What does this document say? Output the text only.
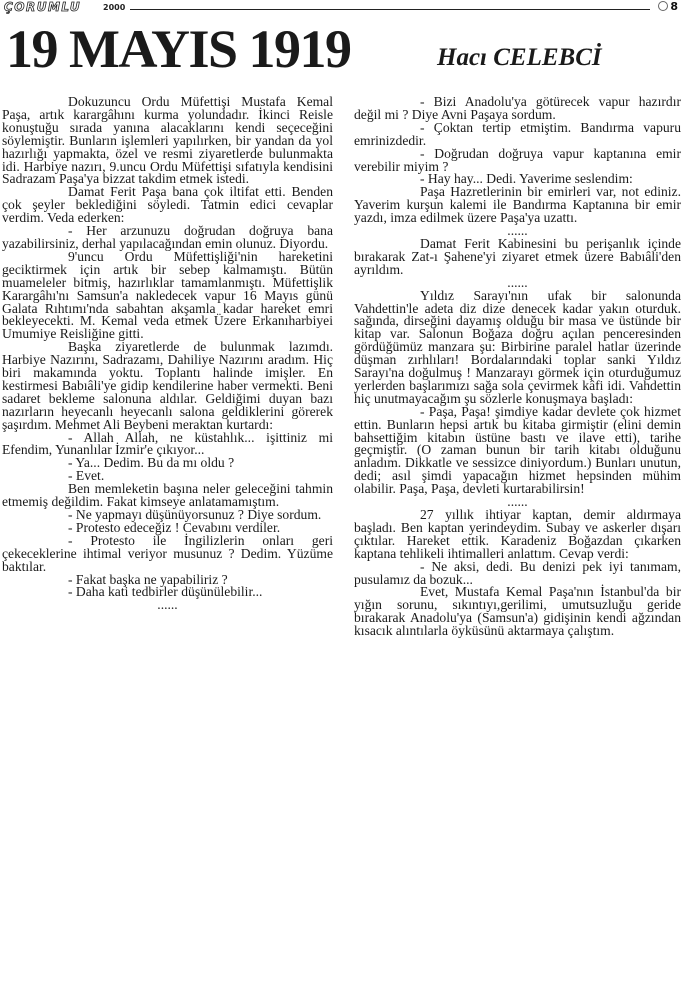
ÇORUMLU	2000	8
19 MAYIS 1919	Hacı CELEBCİ

Dokuzuncu Ordu Müfettişi Mustafa Kemal Paşa, artık karargâhını kurma yolundadır. İkinci Reisle konuştuğu sırada yanına alacaklarını kendi seçeceğini söylemiştir. Bunların işlemleri yapılırken, bir yandan da yol hazırlığı yapmakta, özel ve resmi ziyaretlerde bulunmakta idi. Harbiye nazırı, 9.uncu Ordu Müfettişi sıfatıyla kendisini Sadrazam Paşa'ya bizzat takdim etmek istedi.

Damat Ferit Paşa bana çok iltifat etti. Benden çok şeyler beklediğini söyledi. Tatmin edici cevaplar verdim. Veda ederken:

- Her arzunuzu doğrudan doğruya bana yazabilirsiniz, derhal yapılacağından emin olunuz. Diyordu.

9'uncu Ordu Müfettişliği'nin hareketini geciktirmek için artık bir sebep kalmamıştı. Bütün muameleler bitmiş, hazırlıklar tamamlanmıştı. Müfettişlik Karargâhı'nı Samsun'a nakledecek vapur 16 Mayıs günü Galata Rıhtımı'nda sabahtan akşamla kadar hareket emri bekleyecekti. M. Kemal veda etmek Üzere Erkanıharbiyei Umumiye Reisliğine gitti.

Başka ziyaretlerde de bulunmak lazımdı. Harbiye Nazırını, Sadrazamı, Dahiliye Nazırını aradım. Hiç biri makamında yoktu. Toplantı halinde imişler. En kestirmesi Babıâli'ye gidip kendilerine haber vermekti. Beni sadaret bekleme salonuna aldılar. Geldiğimi duyan bazı nazırların heyecanlı heyecanlı salona geldiklerini görerek şaşırdım. Mehmet Ali Beybeni meraktan kurtardı:

- Allah Allah, ne küstahlık... işittiniz mi Efendim, Yunanlılar İzmir'e çıkıyor...

- Ya... Dedim. Bu da mı oldu ?

- Evet.

Ben memleketin başına neler geleceğini tahmin etmemiş değildim. Fakat kimseye anlatamamıştım.

- Ne yapmayı düşünüyorsunuz ? Diye sordum.

- Protesto edeceğiz ! Cevabını verdiler.

- Protesto ile İngilizlerin onları geri çekeceklerine ihtimal veriyor musunuz ? Dedim. Yüzüme baktılar.

- Fakat başka ne yapabiliriz ?

- Daha kati tedbirler düşünülebilir...

......

- Bizi Anadolu'ya götürecek vapur hazırdır değil mi ? Diye Avni Paşaya sordum.

- Çoktan tertip etmiştim. Bandırma vapuru emrinizdedir.

- Doğrudan doğruya vapur kaptanına emir verebilir miyim ?

- Hay hay... Dedi. Yaverime seslendim:

Paşa Hazretlerinin bir emirleri var, not ediniz. Yaverim kurşun kalemi ile Bandırma Kaptanına bir emir yazdı, imza edilmek üzere Paşa'ya uzattı.

......

Damat Ferit Kabinesini bu perişanlık içinde bırakarak Zat-ı Şahene'yi ziyaret etmek üzere Babıâli'den ayrıldım.

......

Yıldız Sarayı'nın ufak bir salonunda Vahdettin'le adeta diz dize denecek kadar yakın oturduk. sağında, dirseğini dayamış olduğu bir masa ve üstünde bir kitap var. Salonun Boğaza doğru açılan penceresinden gördüğümüz manzara şu: Birbirine paralel hatlar üzerinde düşman zırhlıları! Bordalarındaki toplar sanki Yıldız Sarayı'na doğulmuş ! Manzarayı görmek için oturduğumuz yerlerden başlarımızı sağa sola çevirmek kâfi idi. Vahdettin hiç unutmayacağım şu sözlerle konuşmaya başladı:

- Paşa, Paşa! şimdiye kadar devlete çok hizmet ettin. Bunların hepsi artık bu kitaba girmiştir (elini demin bahsettiğim kitabın üstüne bastı ve ilave etti), tarihe geçmiştir. (O zaman bunun bir tarih kitabı olduğunu anladım. Dikkatle ve sessizce diniyordum.) Bunları unutun, dedi; asıl şimdi yapacağın hizmet hepsinden mühim olabilir. Paşa, Paşa, devleti kurtarabilirsin!

......

27 yıllık ihtiyar kaptan, demir aldırmaya başladı. Ben kaptan yerindeydim. Subay ve askerler dışarı çıktılar. Hareket ettik. Karadeniz Boğazdan çıkarken kaptana tehlikeli ihtimalleri anlattım. Cevap verdi:

- Ne aksi, dedi. Bu denizi pek iyi tanımam, pusulamız da bozuk...

Evet, Mustafa Kemal Paşa'nın İstanbul'da bir yığın sorunu, sıkıntıyı,gerilimi, umutsuzluğu geride bırakarak Anadolu'ya (Samsun'a) gidişinin kendi ağzından kısacık alıntılarla öyküsünü aktarmaya çalıştım.
